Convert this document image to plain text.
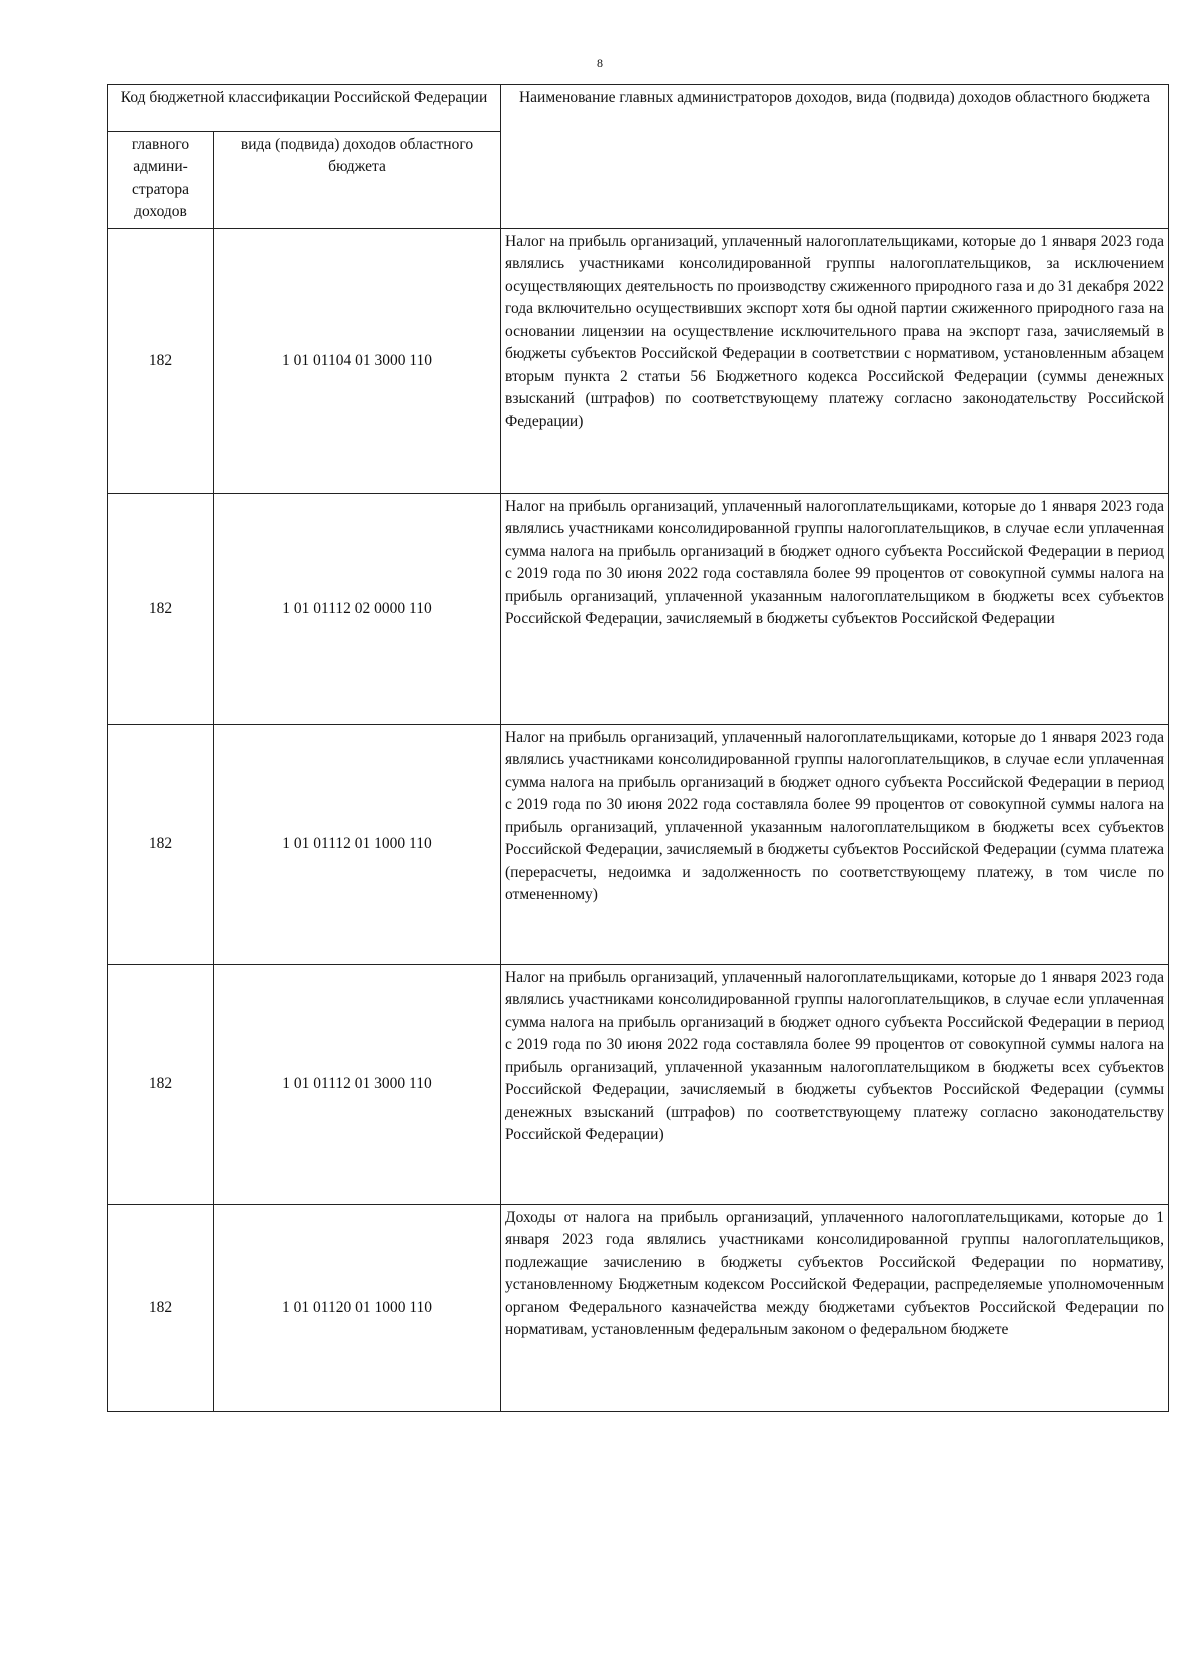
8
Код бюджетной классификации Российской Федерации		Наименование главных администраторов доходов, вида (подвида) доходов областного бюджета
главного админи-стратора доходов	вида (подвида) доходов областного бюджета	
182	1 01 01104 01 3000 110	Налог на прибыль организаций, уплаченный налогоплательщиками, которые до 1 января 2023 года являлись участниками консолидированной группы налогоплательщиков, за исключением осуществляющих деятельность по производству сжиженного природного газа и до 31 декабря 2022 года включительно осуществивших экспорт хотя бы одной партии сжиженного природного газа на основании лицензии на осуществление исключительного права на экспорт газа, зачисляемый в бюджеты субъектов Российской Федерации в соответствии с нормативом, установленным абзацем вторым пункта 2 статьи 56 Бюджетного кодекса Российской Федерации (суммы денежных взысканий (штрафов) по соответствующему платежу согласно законодательству Российской Федерации)
182	1 01 01112 02 0000 110	Налог на прибыль организаций, уплаченный налогоплательщиками, которые до 1 января 2023 года являлись участниками консолидированной группы налогоплательщиков, в случае если уплаченная сумма налога на прибыль организаций в бюджет одного субъекта Российской Федерации в период с 2019 года по 30 июня 2022 года составляла более 99 процентов от совокупной суммы налога на прибыль организаций, уплаченной указанным налогоплательщиком в бюджеты всех субъектов Российской Федерации, зачисляемый в бюджеты субъектов Российской Федерации
182	1 01 01112 01 1000 110	Налог на прибыль организаций, уплаченный налогоплательщиками, которые до 1 января 2023 года являлись участниками консолидированной группы налогоплательщиков, в случае если уплаченная сумма налога на прибыль организаций в бюджет одного субъекта Российской Федерации в период с 2019 года по 30 июня 2022 года составляла более 99 процентов от совокупной суммы налога на прибыль организаций, уплаченной указанным налогоплательщиком в бюджеты всех субъектов Российской Федерации, зачисляемый в бюджеты субъектов Российской Федерации (сумма платежа (перерасчеты, недоимка и задолженность по соответствующему платежу, в том числе по отмененному)
182	1 01 01112 01 3000 110	Налог на прибыль организаций, уплаченный налогоплательщиками, которые до 1 января 2023 года являлись участниками консолидированной группы налогоплательщиков, в случае если уплаченная сумма налога на прибыль организаций в бюджет одного субъекта Российской Федерации в период с 2019 года по 30 июня 2022 года составляла более 99 процентов от совокупной суммы налога на прибыль организаций, уплаченной указанным налогоплательщиком в бюджеты всех субъектов Российской Федерации, зачисляемый в бюджеты субъектов Российской Федерации (суммы денежных взысканий (штрафов) по соответствующему платежу согласно законодательству Российской Федерации)
182	1 01 01120 01 1000 110	Доходы от налога на прибыль организаций, уплаченного налогоплательщиками, которые до 1 января 2023 года являлись участниками консолидированной группы налогоплательщиков, подлежащие зачислению в бюджеты субъектов Российской Федерации по нормативу, установленному Бюджетным кодексом Российской Федерации, распределяемые уполномоченным органом Федерального казначейства между бюджетами субъектов Российской Федерации по нормативам, установленным федеральным законом о федеральном бюджете
